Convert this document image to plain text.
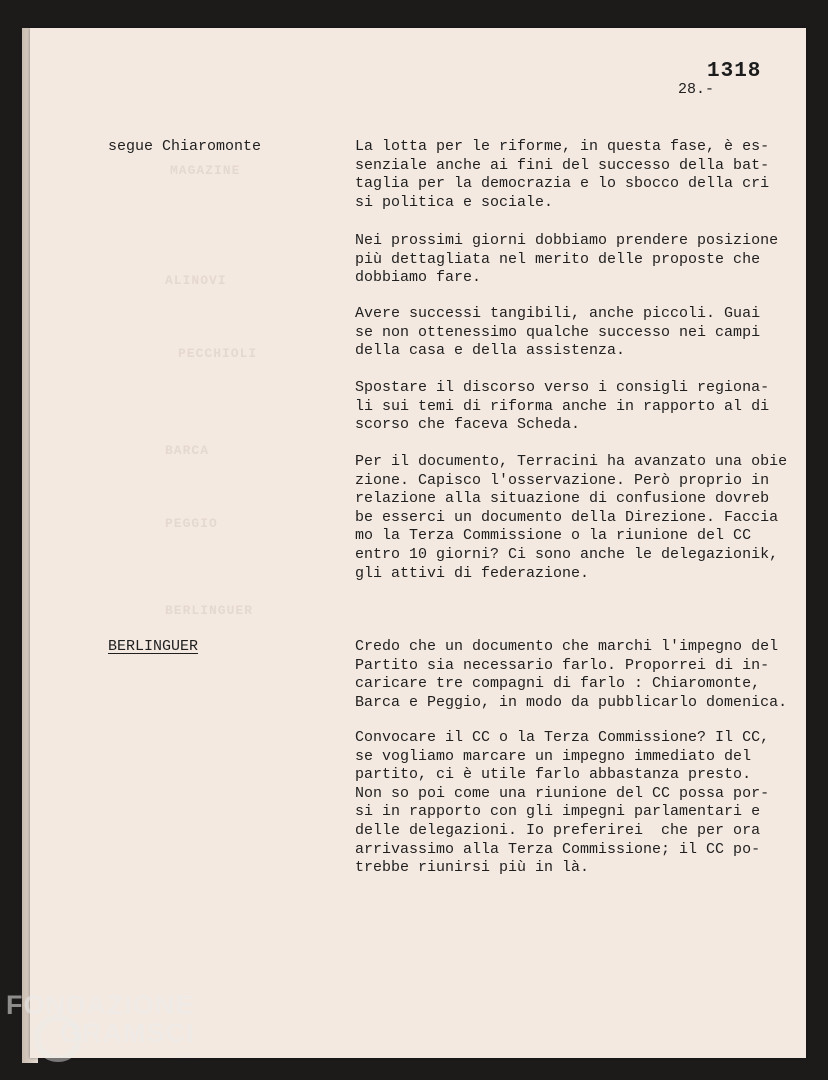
MAGAZINE
ALINOVI
PECCHIOLI
BARCA
PEGGIO
BERLINGUER
1318
28.-
segue Chiaromonte	La lotta per le riforme, in questa fase, è es-
senziale anche ai fini del successo della bat-
taglia per la democrazia e lo sbocco della cri
si politica e sociale.

Nei prossimi giorni dobbiamo prendere posizione
più dettagliata nel merito delle proposte che
dobbiamo fare.

Avere successi tangibili, anche piccoli. Guai
se non ottenessimo qualche successo nei campi
della casa e della assistenza.

Spostare il discorso verso i consigli regiona-
li sui temi di riforma anche in rapporto al di
scorso che faceva Scheda.

Per il documento, Terracini ha avanzato una obie
zione. Capisco l'osservazione. Però proprio in
relazione alla situazione di confusione dovreb
be esserci un documento della Direzione. Faccia
mo la Terza Commissione o la riunione del CC
entro 10 giorni? Ci sono anche le delegazionik,
gli attivi di federazione.

BERLINGUER	Credo che un documento che marchi l'impegno del
Partito sia necessario farlo. Proporrei di in-
caricare tre compagni di farlo : Chiaromonte,
Barca e Peggio, in modo da pubblicarlo domenica.

Convocare il CC o la Terza Commissione? Il CC,
se vogliamo marcare un impegno immediato del
partito, ci è utile farlo abbastanza presto.
Non so poi come una riunione del CC possa por-
si in rapporto con gli impegni parlamentari e
delle delegazioni. Io preferirei  che per ora
arrivassimo alla Terza Commissione; il CC po-
trebbe riunirsi più in là.

FONDAZIONE
GRAMSCI
onlus
